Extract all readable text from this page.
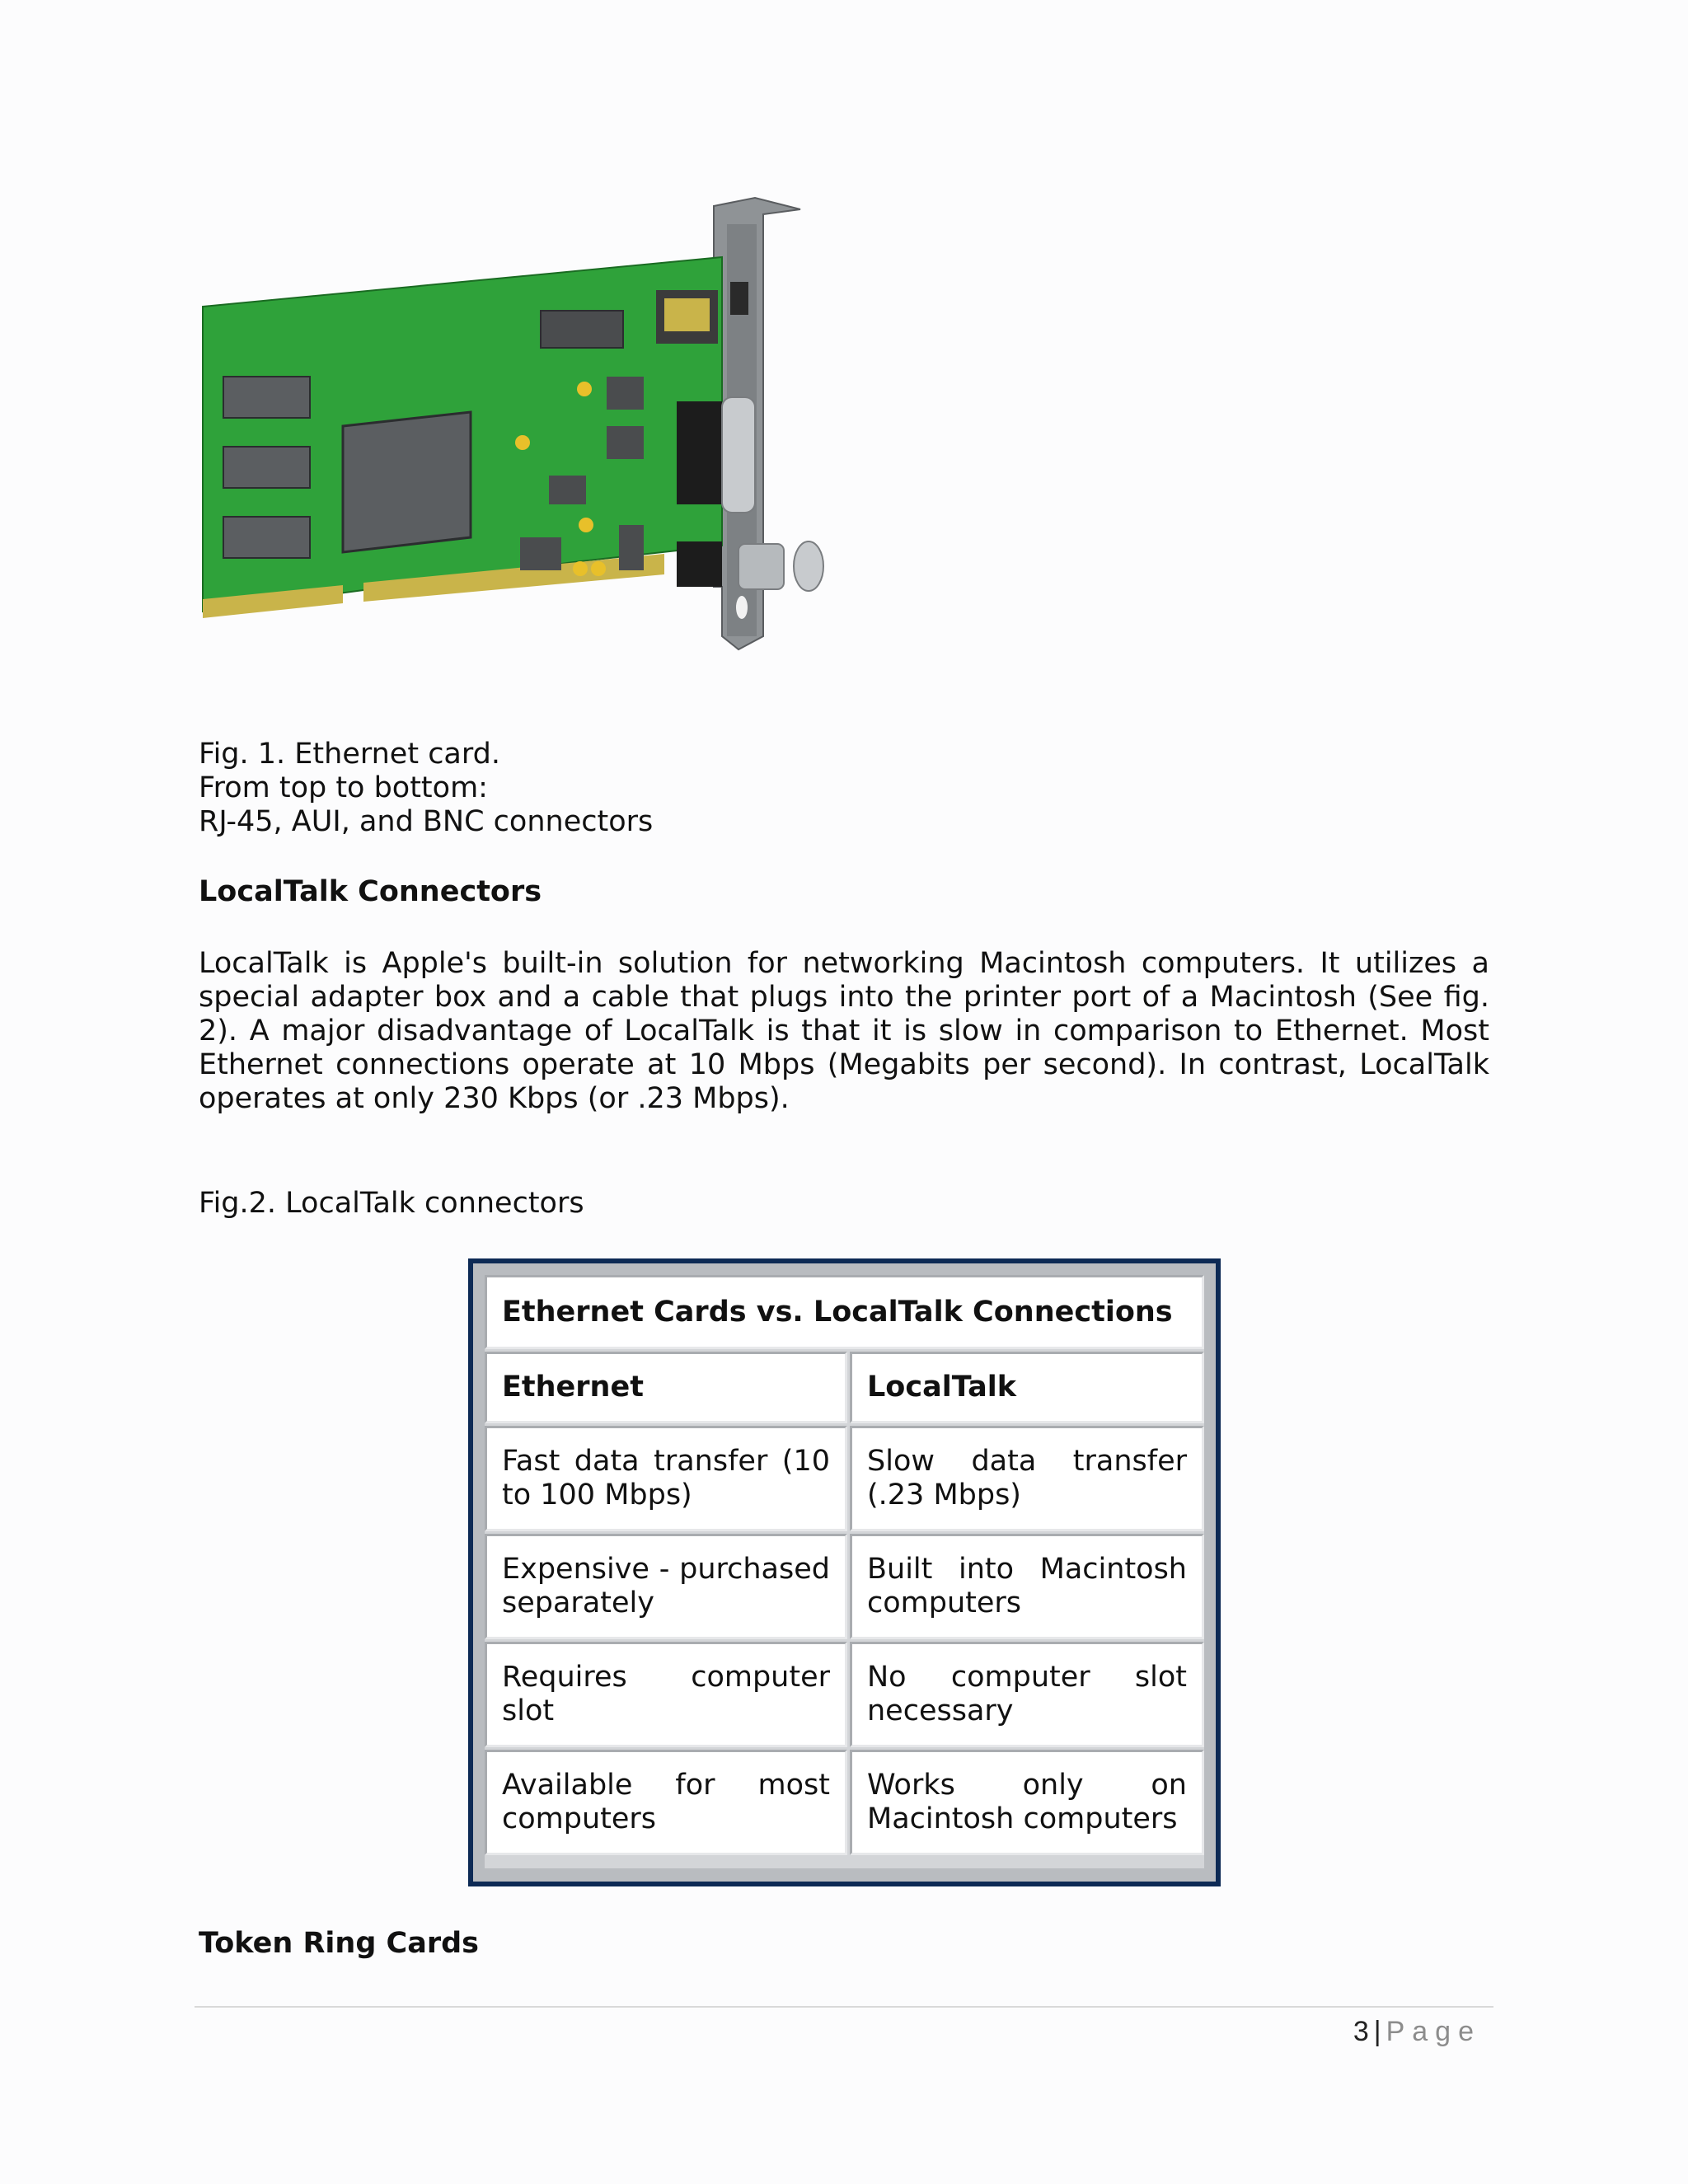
Fig. 1. Ethernet card.
From top to bottom:
RJ-45, AUI, and BNC connectors
LocalTalk Connectors
LocalTalk is Apple's built-in solution for networking Macintosh computers. It utilizes a special adapter box and a cable that plugs into the printer port of a Macintosh (See fig. 2). A major disadvantage of LocalTalk is that it is slow in comparison to Ethernet. Most Ethernet connections operate at 10 Mbps (Megabits per second). In contrast, LocalTalk operates at only 230 Kbps (or .23 Mbps).
Fig.2. LocalTalk connectors
Ethernet Cards vs. LocalTalk Connections
Ethernet	LocalTalk
Fast data transfer (10 to 100 Mbps)
Slow data transfer (.23 Mbps)
Expensive - purchased separately
Built into Macintosh computers
Requires computer slot
No computer slot necessary
Available for most computers
Works only on Macintosh computers
Token Ring Cards
3 | Page
